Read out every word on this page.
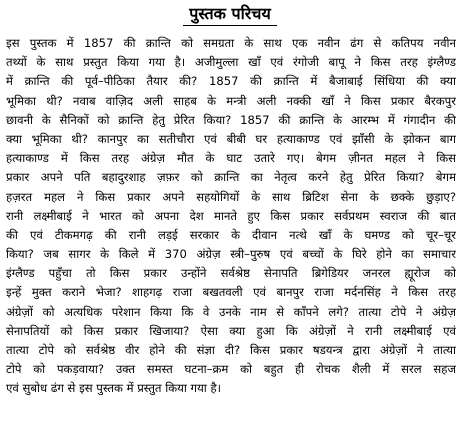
पुस्तक परिचय
इस पुस्तक में 1857 की क्रान्ति को समग्रता के साथ एक नवीन ढंग से कतिपय नवीन
तथ्यों के साथ प्रस्तुत किया गया है। अजीमुल्ला खाँ एवं रंगोजी बापू ने किस तरह इंग्लैण्ड
में क्रान्ति की पूर्व–पीठिका तैयार की? 1857 की क्रान्ति में बैजाबाई सिंधिया की क्या
भूमिका थी? नवाब वाज़िद अली साहब के मन्त्री अली नक्की खाँ ने किस प्रकार बैरकपुर
छावनी के सैनिकों को क्रान्ति हेतु प्रेरित किया? 1857 की क्रान्ति के आरम्भ में गंगादीन की
क्या भूमिका थी? कानपुर का सतीचौरा एवं बीबी घर हत्याकाण्ड एवं झाँसी के झोकन बाग
हत्याकाण्ड में किस तरह अंग्रेज़ मौत के घाट उतारे गए। बेगम ज़ीनत महल ने किस
प्रकार अपने पति बहादुरशाह ज़फ़र को क्रान्ति का नेतृत्व करने हेतु प्रेरित किया? बेगम
हज़रत महल ने किस प्रकार अपने सहयोगियों के साथ ब्रिटिश सेना के छक्के छुड़ाए?
रानी लक्ष्मीबाई ने भारत को अपना देश मानते हुए किस प्रकार सर्वप्रथम स्वराज की बात
की एवं टीकमगढ़ की रानी लड़ई सरकार के दीवान नत्थे खाँ के घमण्ड को चूर–चूर
किया? जब सागर के किले में 370 अंग्रेज़ स्त्री–पुरुष एवं बच्चों के घिरे होने का समाचार
इंग्लैण्ड पहुँचा तो किस प्रकार उन्होंने सर्वश्रेष्ठ सेनापति ब्रिगेडियर जनरल ह्यूरोज को
इन्हें मुक्त कराने भेजा? शाहगढ़ राजा बखतवली एवं बानपुर राजा मर्दनसिंह ने किस तरह
अंग्रेज़ों को अत्यधिक परेशान किया कि वे उनके नाम से काँपने लगे? तात्या टोपे ने अंग्रेज़
सेनापतियों को किस प्रकार खिजाया? ऐसा क्या हुआ कि अंग्रेज़ों ने रानी लक्ष्मीबाई एवं
तात्या टोपे को सर्वश्रेष्ठ वीर होने की संज्ञा दी? किस प्रकार षडयन्त्र द्वारा अंग्रेज़ों ने तात्या
टोपे को पकड़वाया? उक्त समस्त घटना–क्रम को बहुत ही रोचक शैली में सरल सहज
एवं सुबोध ढंग से इस पुस्तक में प्रस्तुत किया गया है।
